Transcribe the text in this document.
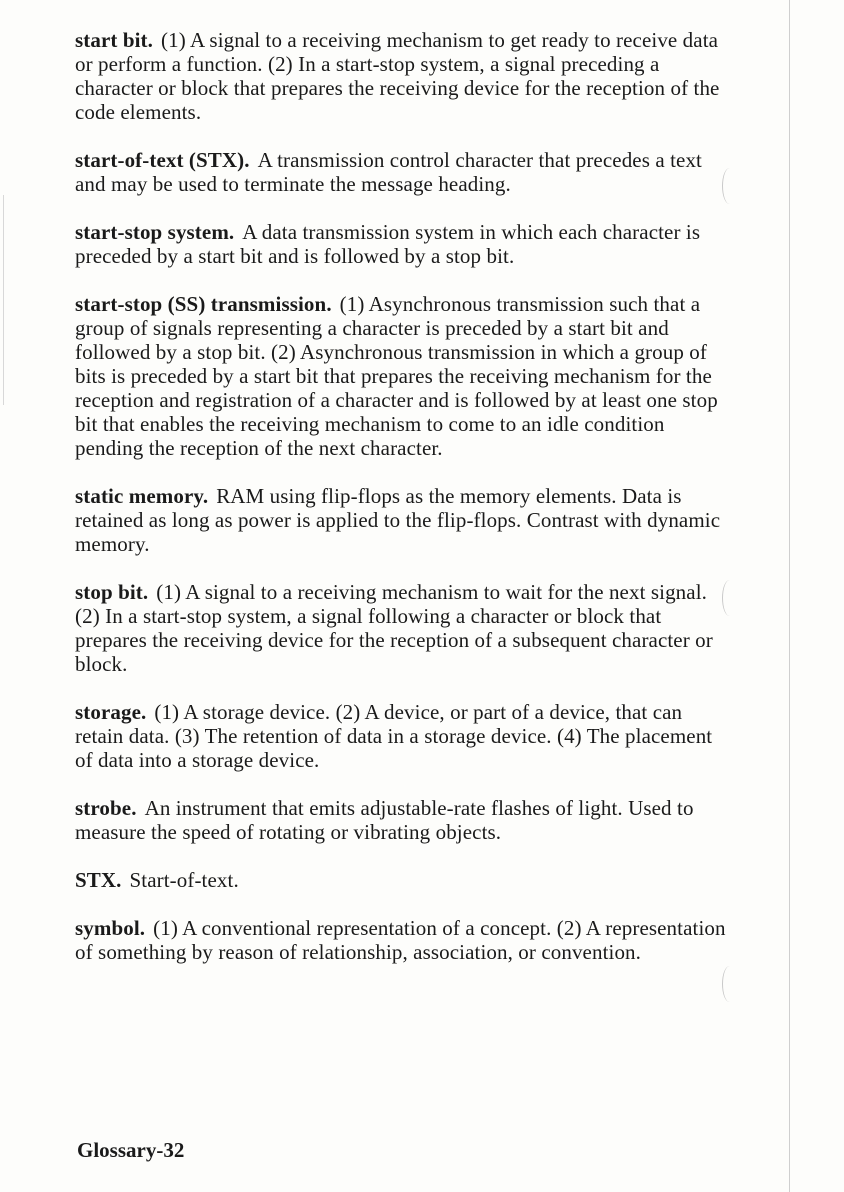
start bit. (1) A signal to a receiving mechanism to get ready to receive data or perform a function. (2) In a start-stop system, a signal preceding a character or block that prepares the receiving device for the reception of the code elements.

start-of-text (STX). A transmission control character that precedes a text and may be used to terminate the message heading.

start-stop system. A data transmission system in which each character is preceded by a start bit and is followed by a stop bit.

start-stop (SS) transmission. (1) Asynchronous transmission such that a group of signals representing a character is preceded by a start bit and followed by a stop bit. (2) Asynchronous transmission in which a group of bits is preceded by a start bit that prepares the receiving mechanism for the reception and registration of a character and is followed by at least one stop bit that enables the receiving mechanism to come to an idle condition pending the reception of the next character.

static memory. RAM using flip-flops as the memory elements. Data is retained as long as power is applied to the flip-flops. Contrast with dynamic memory.

stop bit. (1) A signal to a receiving mechanism to wait for the next signal. (2) In a start-stop system, a signal following a character or block that prepares the receiving device for the reception of a subsequent character or block.

storage. (1) A storage device. (2) A device, or part of a device, that can retain data. (3) The retention of data in a storage device. (4) The placement of data into a storage device.

strobe. An instrument that emits adjustable-rate flashes of light. Used to measure the speed of rotating or vibrating objects.

STX. Start-of-text.

symbol. (1) A conventional representation of a concept. (2) A representation of something by reason of relationship, association, or convention.

Glossary-32
